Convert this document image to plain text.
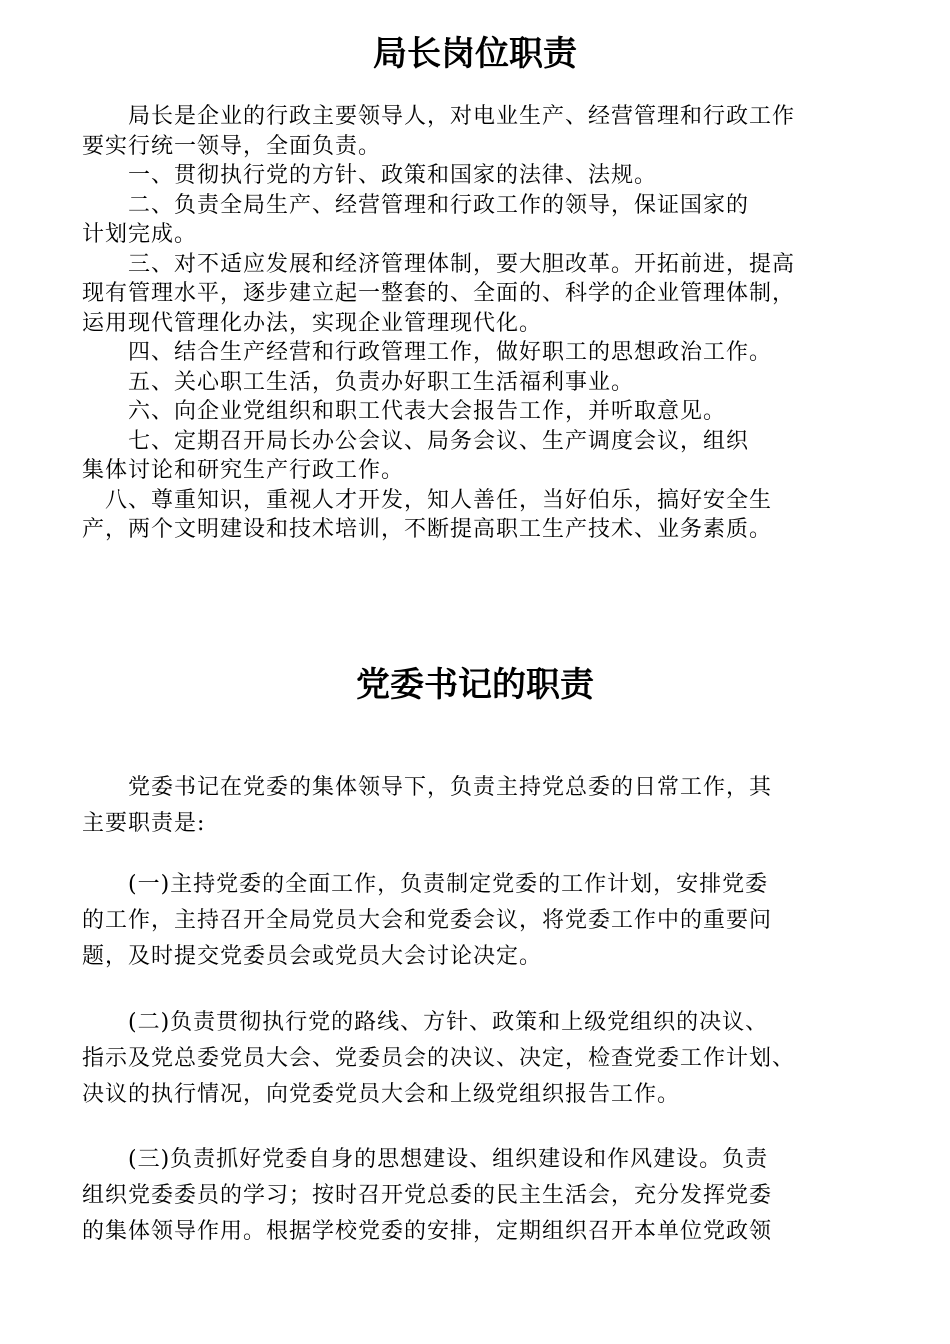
局长岗位职责
　　局长是企业的行政主要领导人，对电业生产、经营管理和行政工作
要实行统一领导，全面负责。
　　一、贯彻执行党的方针、政策和国家的法律、法规。
　　二、负责全局生产、经营管理和行政工作的领导，保证国家的
计划完成。
　　三、对不适应发展和经济管理体制，要大胆改革。开拓前进，提高
现有管理水平，逐步建立起一整套的、全面的、科学的企业管理体制，
运用现代管理化办法，实现企业管理现代化。
　　四、结合生产经营和行政管理工作，做好职工的思想政治工作。
　　五、关心职工生活，负责办好职工生活福利事业。
　　六、向企业党组织和职工代表大会报告工作，并听取意见。
　　七、定期召开局长办公会议、局务会议、生产调度会议，组织
集体讨论和研究生产行政工作。
　八、尊重知识，重视人才开发，知人善任，当好伯乐，搞好安全生
产，两个文明建设和技术培训，不断提高职工生产技术、业务素质。
党委书记的职责
　　党委书记在党委的集体领导下，负责主持党总委的日常工作，其
主要职责是:
　　(一)主持党委的全面工作，负责制定党委的工作计划，安排党委
的工作，主持召开全局党员大会和党委会议，将党委工作中的重要问
题，及时提交党委员会或党员大会讨论决定。
　　(二)负责贯彻执行党的路线、方针、政策和上级党组织的决议、
指示及党总委党员大会、党委员会的决议、决定，检查党委工作计划、
决议的执行情况，向党委党员大会和上级党组织报告工作。
　　(三)负责抓好党委自身的思想建设、组织建设和作风建设。负责
组织党委委员的学习；按时召开党总委的民主生活会，充分发挥党委
的集体领导作用。根据学校党委的安排，定期组织召开本单位党政领
